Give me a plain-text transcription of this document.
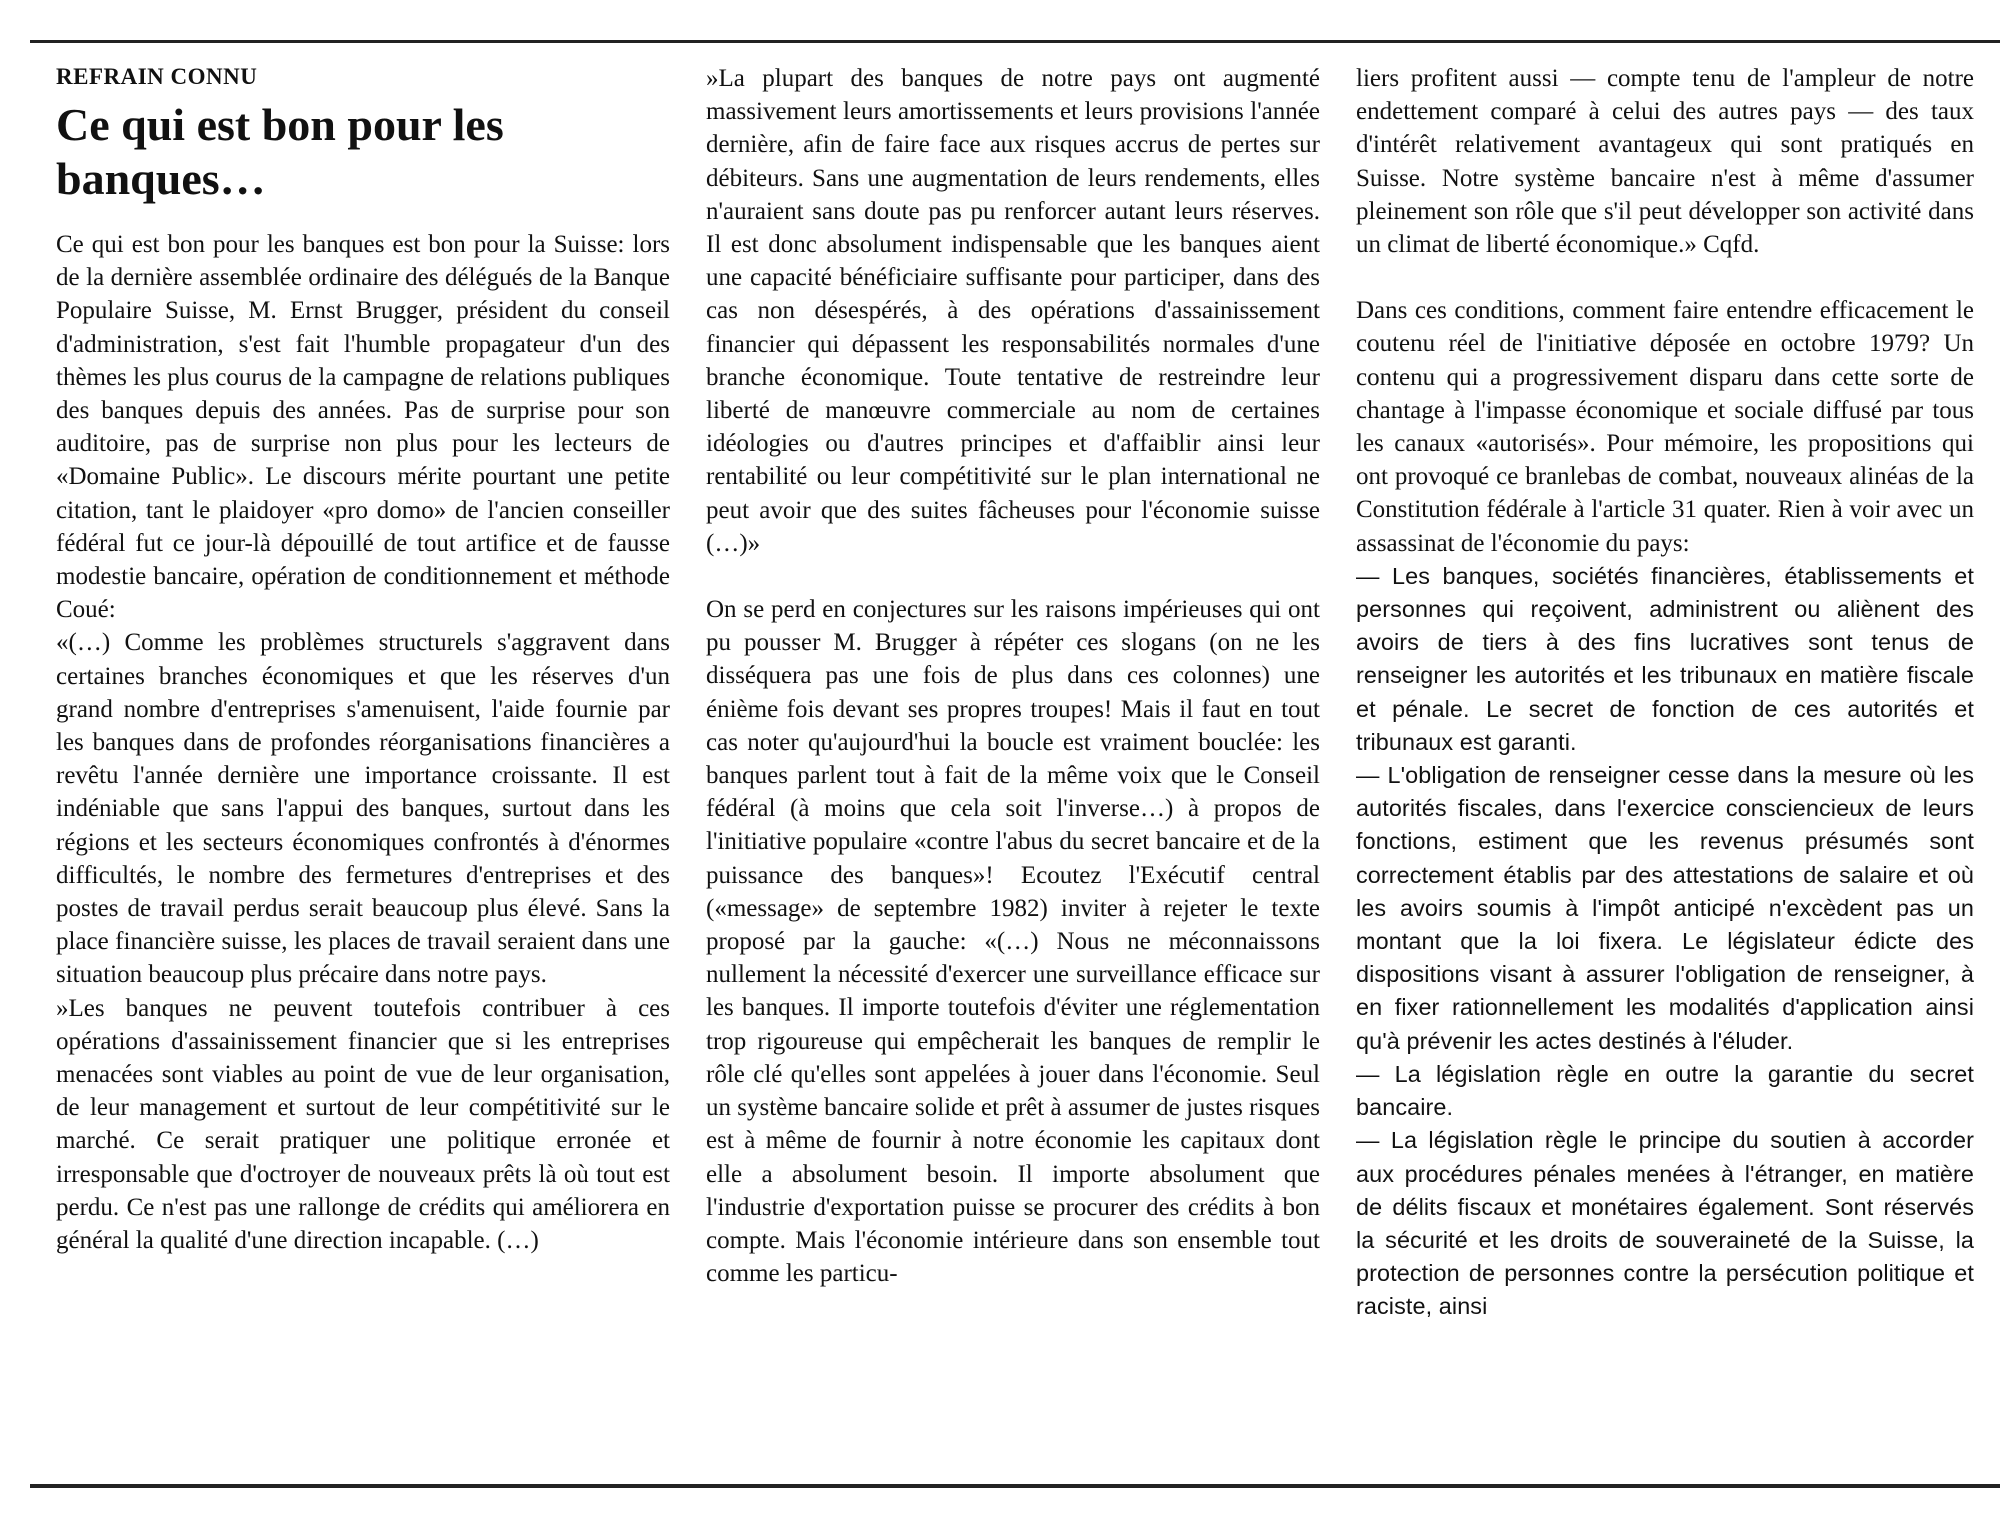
REFRAIN CONNU
Ce qui est bon pour les banques…

Ce qui est bon pour les banques est bon pour la Suisse: lors de la dernière assemblée ordinaire des délégués de la Banque Populaire Suisse, M. Ernst Brugger, président du conseil d'administration, s'est fait l'humble propagateur d'un des thèmes les plus courus de la campagne de relations publiques des banques depuis des années. Pas de surprise pour son auditoire, pas de surprise non plus pour les lecteurs de «Domaine Public». Le discours mérite pourtant une petite citation, tant le plaidoyer «pro domo» de l'ancien conseiller fédéral fut ce jour-là dépouillé de tout artifice et de fausse modestie bancaire, opération de conditionnement et méthode Coué:

«(…) Comme les problèmes structurels s'aggravent dans certaines branches économiques et que les réserves d'un grand nombre d'entreprises s'amenuisent, l'aide fournie par les banques dans de profondes réorganisations financières a revêtu l'année dernière une importance croissante. Il est indéniable que sans l'appui des banques, surtout dans les régions et les secteurs économiques confrontés à d'énormes difficultés, le nombre des fermetures d'entreprises et des postes de travail perdus serait beaucoup plus élevé. Sans la place financière suisse, les places de travail seraient dans une situation beaucoup plus précaire dans notre pays.

»Les banques ne peuvent toutefois contribuer à ces opérations d'assainissement financier que si les entreprises menacées sont viables au point de vue de leur organisation, de leur management et surtout de leur compétitivité sur le marché. Ce serait pratiquer une politique erronée et irresponsable que d'octroyer de nouveaux prêts là où tout est perdu. Ce n'est pas une rallonge de crédits qui améliorera en général la qualité d'une direction incapable. (…)

»La plupart des banques de notre pays ont augmenté massivement leurs amortissements et leurs provisions l'année dernière, afin de faire face aux risques accrus de pertes sur débiteurs. Sans une augmentation de leurs rendements, elles n'auraient sans doute pas pu renforcer autant leurs réserves. Il est donc absolument indispensable que les banques aient une capacité bénéficiaire suffisante pour participer, dans des cas non désespérés, à des opérations d'assainissement financier qui dépassent les responsabilités normales d'une branche économique. Toute tentative de restreindre leur liberté de manœuvre commerciale au nom de certaines idéologies ou d'autres principes et d'affaiblir ainsi leur rentabilité ou leur compétitivité sur le plan international ne peut avoir que des suites fâcheuses pour l'économie suisse (…)»

On se perd en conjectures sur les raisons impérieuses qui ont pu pousser M. Brugger à répéter ces slogans (on ne les disséquera pas une fois de plus dans ces colonnes) une énième fois devant ses propres troupes! Mais il faut en tout cas noter qu'aujourd'hui la boucle est vraiment bouclée: les banques parlent tout à fait de la même voix que le Conseil fédéral (à moins que cela soit l'inverse…) à propos de l'initiative populaire «contre l'abus du secret bancaire et de la puissance des banques»! Ecoutez l'Exécutif central («message» de septembre 1982) inviter à rejeter le texte proposé par la gauche: «(…) Nous ne méconnaissons nullement la nécessité d'exercer une surveillance efficace sur les banques. Il importe toutefois d'éviter une réglementation trop rigoureuse qui empêcherait les banques de remplir le rôle clé qu'elles sont appelées à jouer dans l'économie. Seul un système bancaire solide et prêt à assumer de justes risques est à même de fournir à notre économie les capitaux dont elle a absolument besoin. Il importe absolument que l'industrie d'exportation puisse se procurer des crédits à bon compte. Mais l'économie intérieure dans son ensemble tout comme les particu-

liers profitent aussi — compte tenu de l'ampleur de notre endettement comparé à celui des autres pays — des taux d'intérêt relativement avantageux qui sont pratiqués en Suisse. Notre système bancaire n'est à même d'assumer pleinement son rôle que s'il peut développer son activité dans un climat de liberté économique.» Cqfd.

Dans ces conditions, comment faire entendre efficacement le coutenu réel de l'initiative déposée en octobre 1979? Un contenu qui a progressivement disparu dans cette sorte de chantage à l'impasse économique et sociale diffusé par tous les canaux «autorisés». Pour mémoire, les propositions qui ont provoqué ce branlebas de combat, nouveaux alinéas de la Constitution fédérale à l'article 31 quater. Rien à voir avec un assassinat de l'économie du pays:

— Les banques, sociétés financières, établissements et personnes qui reçoivent, administrent ou aliènent des avoirs de tiers à des fins lucratives sont tenus de renseigner les autorités et les tribunaux en matière fiscale et pénale. Le secret de fonction de ces autorités et tribunaux est garanti.

— L'obligation de renseigner cesse dans la mesure où les autorités fiscales, dans l'exercice consciencieux de leurs fonctions, estiment que les revenus présumés sont correctement établis par des attestations de salaire et où les avoirs soumis à l'impôt anticipé n'excèdent pas un montant que la loi fixera. Le législateur édicte des dispositions visant à assurer l'obligation de renseigner, à en fixer rationnellement les modalités d'application ainsi qu'à prévenir les actes destinés à l'éluder.

— La législation règle en outre la garantie du secret bancaire.

— La législation règle le principe du soutien à accorder aux procédures pénales menées à l'étranger, en matière de délits fiscaux et monétaires également. Sont réservés la sécurité et les droits de souveraineté de la Suisse, la protection de personnes contre la persécution politique et raciste, ainsi
